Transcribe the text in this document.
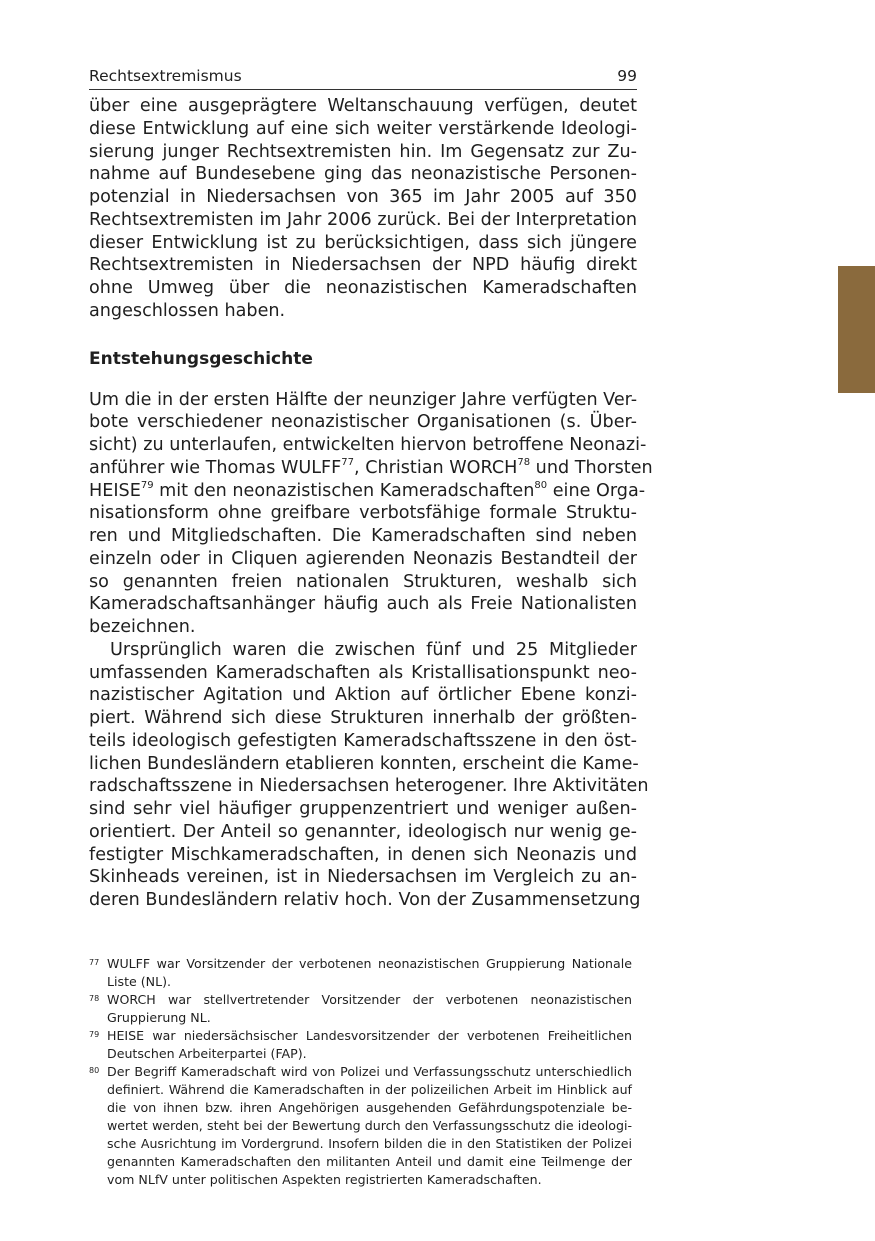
Rechtsextremismus	99
über eine ausgeprägtere Weltanschauung verfügen, deutet
diese Entwicklung auf eine sich weiter verstärkende Ideologi-
sierung junger Rechtsextremisten hin. Im Gegensatz zur Zu-
nahme auf Bundesebene ging das neonazistische Personen-
potenzial in Niedersachsen von 365 im Jahr 2005 auf 350
Rechtsextremisten im Jahr 2006 zurück. Bei der Interpretation
dieser Entwicklung ist zu berücksichtigen, dass sich jüngere
Rechtsextremisten in Niedersachsen der NPD häufig direkt
ohne Umweg über die neonazistischen Kameradschaften
angeschlossen haben.
Entstehungsgeschichte
Um die in der ersten Hälfte der neunziger Jahre verfügten Ver-
bote verschiedener neonazistischer Organisationen (s. Über-
sicht) zu unterlaufen, entwickelten hiervon betroffene Neonazi-
anführer wie Thomas WULFF$^{77}$, Christian WORCH$^{78}$ und Thorsten
HEISE$^{79}$ mit den neonazistischen Kameradschaften$^{80}$ eine Orga-
nisationsform ohne greifbare verbotsfähige formale Struktu-
ren und Mitgliedschaften. Die Kameradschaften sind neben
einzeln oder in Cliquen agierenden Neonazis Bestandteil der
so genannten freien nationalen Strukturen, weshalb sich
Kameradschaftsanhänger häufig auch als Freie Nationalisten
bezeichnen.
Ursprünglich waren die zwischen fünf und 25 Mitglieder
umfassenden Kameradschaften als Kristallisationspunkt neo-
nazistischer Agitation und Aktion auf örtlicher Ebene konzi-
piert. Während sich diese Strukturen innerhalb der größten-
teils ideologisch gefestigten Kameradschaftsszene in den öst-
lichen Bundesländern etablieren konnten, erscheint die Kame-
radschaftsszene in Niedersachsen heterogener. Ihre Aktivitäten
sind sehr viel häufiger gruppenzentriert und weniger außen-
orientiert. Der Anteil so genannter, ideologisch nur wenig ge-
festigter Mischkameradschaften, in denen sich Neonazis und
Skinheads vereinen, ist in Niedersachsen im Vergleich zu an-
deren Bundesländern relativ hoch. Von der Zusammensetzung
77 WULFF war Vorsitzender der verbotenen neonazistischen Gruppierung Nationale
Liste (NL).
78 WORCH war stellvertretender Vorsitzender der verbotenen neonazistischen
Gruppierung NL.
79 HEISE war niedersächsischer Landesvorsitzender der verbotenen Freiheitlichen
Deutschen Arbeiterpartei (FAP).
80 Der Begriff Kameradschaft wird von Polizei und Verfassungsschutz unterschiedlich
definiert. Während die Kameradschaften in der polizeilichen Arbeit im Hinblick auf
die von ihnen bzw. ihren Angehörigen ausgehenden Gefährdungspotenziale be-
wertet werden, steht bei der Bewertung durch den Verfassungsschutz die ideologi-
sche Ausrichtung im Vordergrund. Insofern bilden die in den Statistiken der Polizei
genannten Kameradschaften den militanten Anteil und damit eine Teilmenge der
vom NLfV unter politischen Aspekten registrierten Kameradschaften.
